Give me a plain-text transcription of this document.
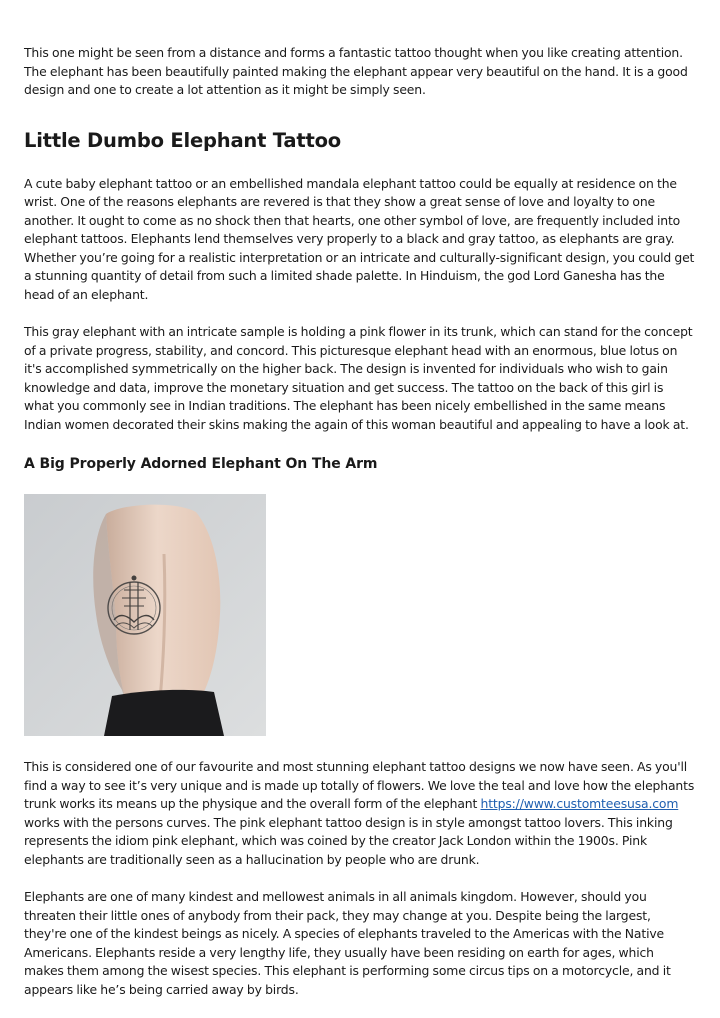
This one might be seen from a distance and forms a fantastic tattoo thought when you like creating attention. The elephant has been beautifully painted making the elephant appear very beautiful on the hand. It is a good design and one to create a lot attention as it might be simply seen.

Little Dumbo Elephant Tattoo

A cute baby elephant tattoo or an embellished mandala elephant tattoo could be equally at residence on the wrist. One of the reasons elephants are revered is that they show a great sense of love and loyalty to one another. It ought to come as no shock then that hearts, one other symbol of love, are frequently included into elephant tattoos. Elephants lend themselves very properly to a black and gray tattoo, as elephants are gray. Whether you’re going for a realistic interpretation or an intricate and culturally-significant design, you could get a stunning quantity of detail from such a limited shade palette. In Hinduism, the god Lord Ganesha has the head of an elephant.

This gray elephant with an intricate sample is holding a pink flower in its trunk, which can stand for the concept of a private progress, stability, and concord. This picturesque elephant head with an enormous, blue lotus on it's accomplished symmetrically on the higher back. The design is invented for individuals who wish to gain knowledge and data, improve the monetary situation and get success. The tattoo on the back of this girl is what you commonly see in Indian traditions. The elephant has been nicely embellished in the same means Indian women decorated their skins making the again of this woman beautiful and appealing to have a look at.

A Big Properly Adorned Elephant On The Arm

This is considered one of our favourite and most stunning elephant tattoo designs we now have seen. As you'll find a way to see it’s very unique and is made up totally of flowers. We love the teal and love how the elephants trunk works its means up the physique and the overall form of the elephant https://www.customteesusa.com works with the persons curves. The pink elephant tattoo design is in style amongst tattoo lovers. This inking represents the idiom pink elephant, which was coined by the creator Jack London within the 1900s. Pink elephants are traditionally seen as a hallucination by people who are drunk.

Elephants are one of many kindest and mellowest animals in all animals kingdom. However, should you threaten their little ones of anybody from their pack, they may change at you. Despite being the largest, they're one of the kindest beings as nicely. A species of elephants traveled to the Americas with the Native Americans. Elephants reside a very lengthy life, they usually have been residing on earth for ages, which makes them among the wisest species. This elephant is performing some circus tips on a motorcycle, and it appears like he’s being carried away by birds.
